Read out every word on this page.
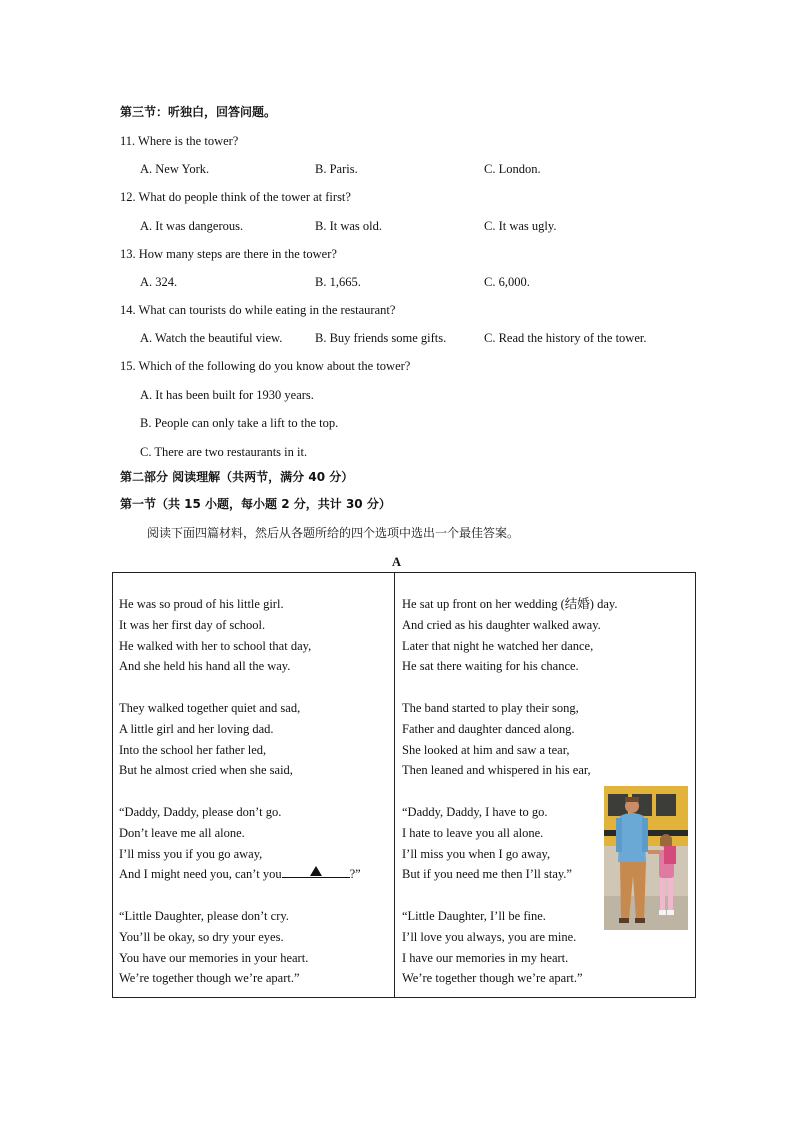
第三节：听独白，回答问题。
11. Where is the tower?
A. New York.	B. Paris.	C. London.
12. What do people think of the tower at first?
A. It was dangerous.	B. It was old.	C. It was ugly.
13. How many steps are there in the tower?
A. 324.	B. 1,665.	C. 6,000.
14. What can tourists do while eating in the restaurant?
A. Watch the beautiful view.	B. Buy friends some gifts.	C. Read the history of the tower.
15. Which of the following do you know about the tower?
A. It has been built for 1930 years.
B. People can only take a lift to the top.
C. There are two restaurants in it.
第二部分 阅读理解（共两节，满分 40 分）
第一节（共 15 小题，每小题 2 分，共计 30 分）
阅读下面四篇材料，然后从各题所给的四个选项中选出一个最佳答案。
A
He was so proud of his little girl.
It was her first day of school.
He walked with her to school that day,
And she held his hand all the way.
They walked together quiet and sad,
A little girl and her loving dad.
Into the school her father led,
But he almost cried when she said,
“Daddy, Daddy, please don’t go.
Don’t leave me all alone.
I’ll miss you if you go away,
And I might need you, can’t you	?”
“Little Daughter, please don’t cry.
You’ll be okay, so dry your eyes.
You have our memories in your heart.
We’re together though we’re apart.”
He sat up front on her wedding (结婚) day.
And cried as his daughter walked away.
Later that night he watched her dance,
He sat there waiting for his chance.
The band started to play their song,
Father and daughter danced along.
She looked at him and saw a tear,
Then leaned and whispered in his ear,
“Daddy, Daddy, I have to go.
I hate to leave you all alone.
I’ll miss you when I go away,
But if you need me then I’ll stay.”
“Little Daughter, I’ll be fine.
I’ll love you always, you are mine.
I have our memories in my heart.
We’re together though we’re apart.”
